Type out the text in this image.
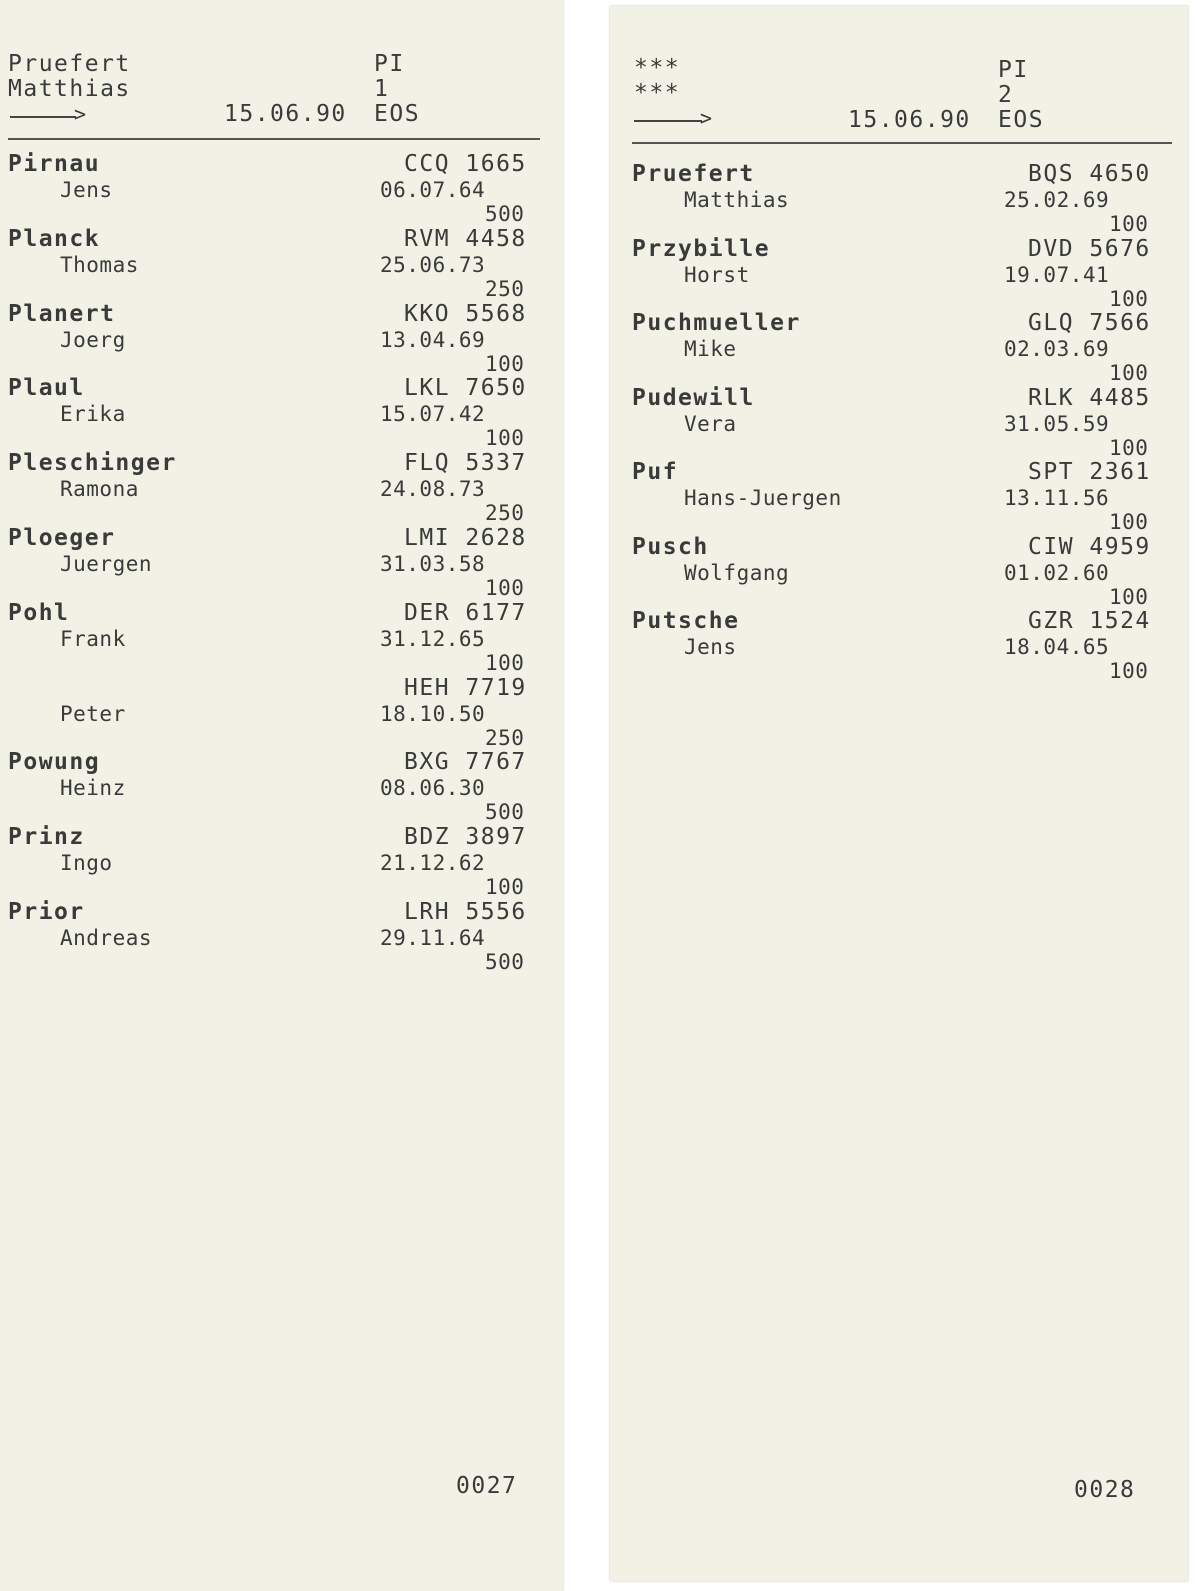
Pruefert
Matthias
PI
1
15.06.90 EOS
>
Pirnau
Jens
CCQ 1665
06.07.64
500
Planck
Thomas
RVM 4458
25.06.73
250
Planert
Joerg
KKO 5568
13.04.69
100
Plaul
Erika
LKL 7650
15.07.42
100
Pleschinger
Ramona
FLQ 5337
24.08.73
250
Ploeger
Juergen
LMI 2628
31.03.58
100
Pohl
Frank
DER 6177
31.12.65
100
Peter
HEH 7719
18.10.50
250
Powung
Heinz
BXG 7767
08.06.30
500
Prinz
Ingo
BDZ 3897
21.12.62
100
Prior
Andreas
LRH 5556
29.11.64
500
0027
***
***
PI
2
15.06.90 EOS
>
Pruefert
Matthias
BQS 4650
25.02.69
100
Przybille
Horst
DVD 5676
19.07.41
100
Puchmueller
Mike
GLQ 7566
02.03.69
100
Pudewill
Vera
RLK 4485
31.05.59
100
Puf
Hans-Juergen
SPT 2361
13.11.56
100
Pusch
Wolfgang
CIW 4959
01.02.60
100
Putsche
Jens
GZR 1524
18.04.65
100
0028
